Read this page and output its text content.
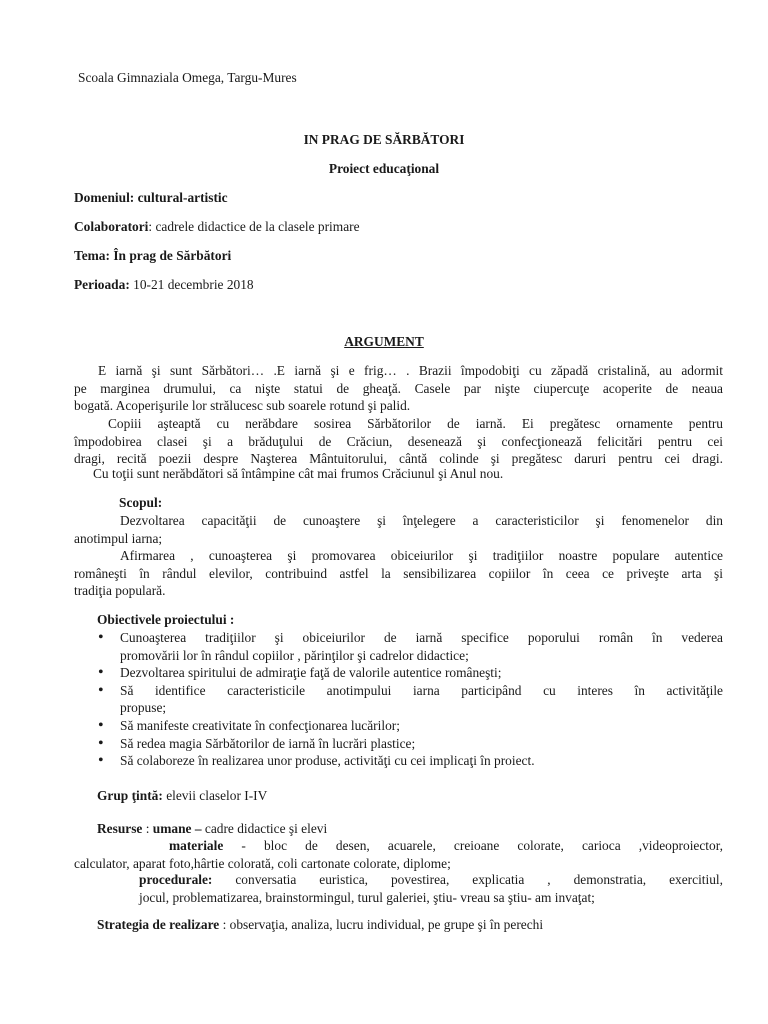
Scoala Gimnaziala Omega, Targu-Mures
IN PRAG DE SĂRBĂTORI
Proiect educaţional
Domeniul: cultural-artistic
Colaboratori: cadrele didactice de la clasele primare
Tema: În prag de Sărbători
Perioada: 10-21 decembrie 2018
ARGUMENT
E iarnă şi sunt Sărbători… .E iarnă şi e frig… . Brazii împodobiţi cu zăpadă cristalină, au adormit
pe marginea drumului, ca nişte statui de gheaţă. Casele par nişte ciupercuţe acoperite de neaua
bogată. Acoperişurile lor strălucesc sub soarele rotund şi palid.
Copiii aşteaptă cu nerăbdare sosirea Sărbătorilor de iarnă. Ei pregătesc ornamente pentru
împodobirea clasei şi a brăduţului de Crăciun, desenează şi confecţionează felicitări pentru cei
dragi, recită poezii despre Naşterea Mântuitorului, cântă colinde şi pregătesc daruri pentru cei dragi.
Cu toţii sunt nerăbdători să întâmpine cât mai frumos Crăciunul şi Anul nou.
Scopul:
Dezvoltarea capacităţii de cunoaştere şi înţelegere a caracteristicilor şi fenomenelor din
anotimpul iarna;
Afirmarea , cunoaşterea şi promovarea obiceiurilor şi tradiţiilor noastre populare autentice
româneşti în rândul elevilor, contribuind astfel la sensibilizarea copiilor în ceea ce priveşte arta şi
tradiţia populară.
Obiectivele proiectului :
• Cunoaşterea tradiţiilor şi obiceiurilor de iarnă specifice poporului român în vederea
promovării lor în rândul copiilor , părinţilor şi cadrelor didactice;
• Dezvoltarea spiritului de admiraţie faţă de valorile autentice româneşti;
• Să identifice caracteristicile anotimpului iarna participând cu interes în activităţile
propuse;
• Să manifeste creativitate în confecţionarea lucărilor;
• Să redea magia Sărbătorilor de iarnă în lucrări plastice;
• Să colaboreze în realizarea unor produse, activităţi cu cei implicaţi în proiect.
Grup ţintă: elevii claselor I-IV
Resurse : umane – cadre didactice şi elevi
materiale - bloc de desen, acuarele, creioane colorate, carioca ,videoproiector,
calculator, aparat foto,hârtie colorată, coli cartonate colorate, diplome;
procedurale: conversatia euristica, povestirea, explicatia , demonstratia, exercitiul,
jocul, problematizarea, brainstormingul, turul galeriei, ştiu- vreau sa ştiu- am invaţat;
Strategia de realizare : observaţia, analiza, lucru individual, pe grupe şi în perechi
